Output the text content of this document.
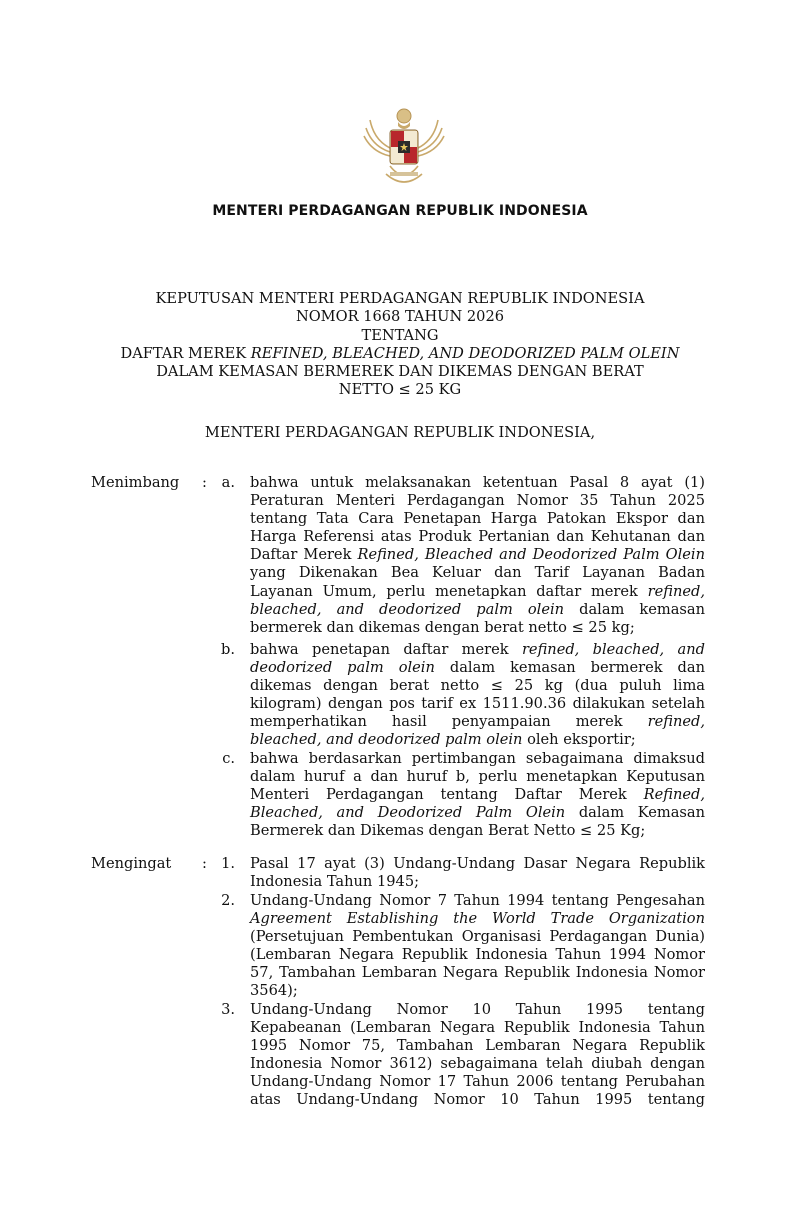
MENTERI PERDAGANGAN REPUBLIK INDONESIA
KEPUTUSAN MENTERI PERDAGANGAN REPUBLIK INDONESIA
NOMOR 1668 TAHUN 2026
TENTANG
DAFTAR MEREK REFINED, BLEACHED, AND DEODORIZED PALM OLEIN
DALAM KEMASAN BERMEREK DAN DIKEMAS DENGAN BERAT
NETTO ≤ 25 KG
MENTERI PERDAGANGAN REPUBLIK INDONESIA,
Menimbang :	a. bahwa untuk melaksanakan ketentuan Pasal 8 ayat (1)
Peraturan Menteri Perdagangan Nomor 35 Tahun 2025
tentang Tata Cara Penetapan Harga Patokan Ekspor dan
Harga Referensi atas Produk Pertanian dan Kehutanan dan
Daftar Merek Refined, Bleached and Deodorized Palm Olein
yang Dikenakan Bea Keluar dan Tarif Layanan Badan
Layanan Umum, perlu menetapkan daftar merek refined,
bleached, and deodorized palm olein dalam kemasan
bermerek dan dikemas dengan berat netto ≤ 25 kg;
b. bahwa penetapan daftar merek refined, bleached, and
deodorized palm olein dalam kemasan bermerek dan
dikemas dengan berat netto ≤ 25 kg (dua puluh lima
kilogram) dengan pos tarif ex 1511.90.36 dilakukan setelah
memperhatikan hasil penyampaian merek refined,
bleached, and deodorized palm olein oleh eksportir;
c. bahwa berdasarkan pertimbangan sebagaimana dimaksud
dalam huruf a dan huruf b, perlu menetapkan Keputusan
Menteri Perdagangan tentang Daftar Merek Refined,
Bleached, and Deodorized Palm Olein dalam Kemasan
Bermerek dan Dikemas dengan Berat Netto ≤ 25 Kg;
Mengingat : 1. Pasal 17 ayat (3) Undang-Undang Dasar Negara Republik
Indonesia Tahun 1945;
2. Undang-Undang Nomor 7 Tahun 1994 tentang Pengesahan
Agreement Establishing the World Trade Organization
(Persetujuan Pembentukan Organisasi Perdagangan Dunia)
(Lembaran Negara Republik Indonesia Tahun 1994 Nomor
57, Tambahan Lembaran Negara Republik Indonesia Nomor
3564);
3. Undang-Undang Nomor 10 Tahun 1995 tentang
Kepabeanan (Lembaran Negara Republik Indonesia Tahun
1995 Nomor 75, Tambahan Lembaran Negara Republik
Indonesia Nomor 3612) sebagaimana telah diubah dengan
Undang-Undang Nomor 17 Tahun 2006 tentang Perubahan
atas Undang-Undang Nomor 10 Tahun 1995 tentang
